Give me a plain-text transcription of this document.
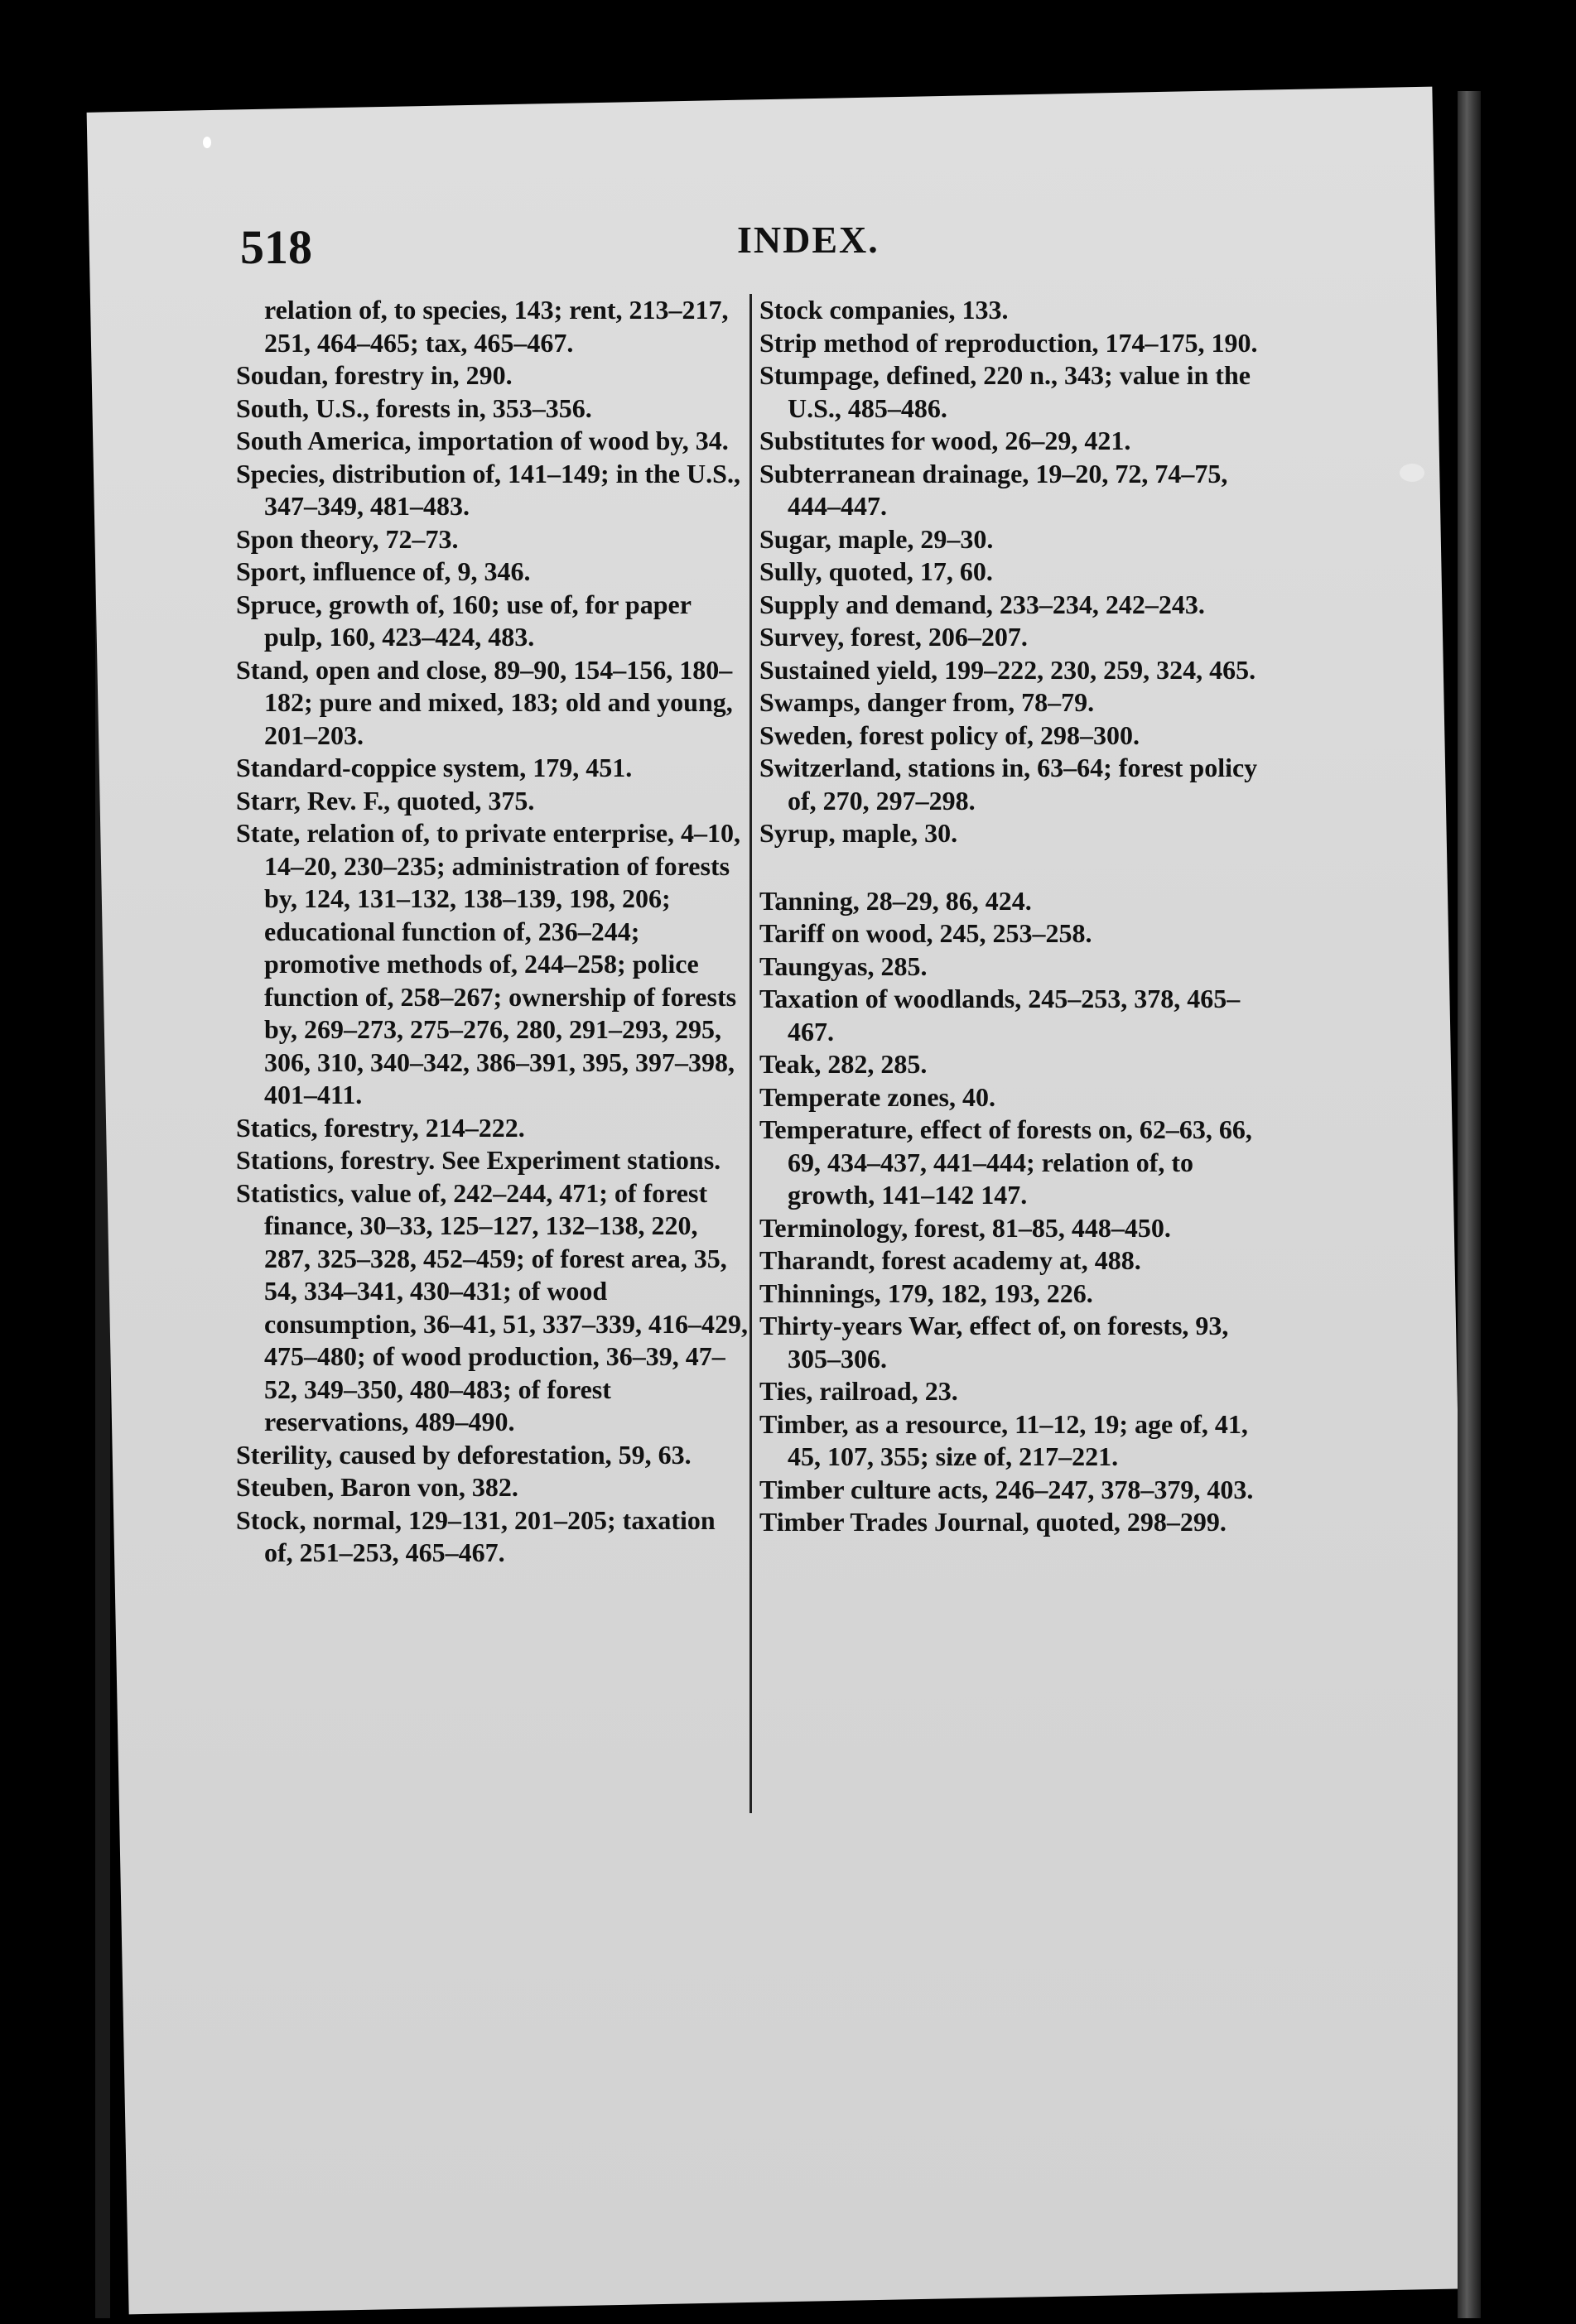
518	INDEX.
relation of, to species, 143; rent, 213–217, 251, 464–465; tax, 465–467.
Soudan, forestry in, 290.
South, U.S., forests in, 353–356.
South America, importation of wood by, 34.
Species, distribution of, 141–149; in the U.S., 347–349, 481–483.
Spon theory, 72–73.
Sport, influence of, 9, 346.
Spruce, growth of, 160; use of, for paper pulp, 160, 423–424, 483.
Stand, open and close, 89–90, 154–156, 180–182; pure and mixed, 183; old and young, 201–203.
Standard-coppice system, 179, 451.
Starr, Rev. F., quoted, 375.
State, relation of, to private enterprise, 4–10, 14–20, 230–235; administration of forests by, 124, 131–132, 138–139, 198, 206; educational function of, 236–244; promotive methods of, 244–258; police function of, 258–267; ownership of forests by, 269–273, 275–276, 280, 291–293, 295, 306, 310, 340–342, 386–391, 395, 397–398, 401–411.
Statics, forestry, 214–222.
Stations, forestry. See Experiment stations.
Statistics, value of, 242–244, 471; of forest finance, 30–33, 125–127, 132–138, 220, 287, 325–328, 452–459; of forest area, 35, 54, 334–341, 430–431; of wood consumption, 36–41, 51, 337–339, 416–429, 475–480; of wood production, 36–39, 47–52, 349–350, 480–483; of forest reservations, 489–490.
Sterility, caused by deforestation, 59, 63.
Steuben, Baron von, 382.
Stock, normal, 129–131, 201–205; taxation of, 251–253, 465–467.
Stock companies, 133.
Strip method of reproduction, 174–175, 190.
Stumpage, defined, 220 n., 343; value in the U.S., 485–486.
Substitutes for wood, 26–29, 421.
Subterranean drainage, 19–20, 72, 74–75, 444–447.
Sugar, maple, 29–30.
Sully, quoted, 17, 60.
Supply and demand, 233–234, 242–243.
Survey, forest, 206–207.
Sustained yield, 199–222, 230, 259, 324, 465.
Swamps, danger from, 78–79.
Sweden, forest policy of, 298–300.
Switzerland, stations in, 63–64; forest policy of, 270, 297–298.
Syrup, maple, 30.
Tanning, 28–29, 86, 424.
Tariff on wood, 245, 253–258.
Taungyas, 285.
Taxation of woodlands, 245–253, 378, 465–467.
Teak, 282, 285.
Temperate zones, 40.
Temperature, effect of forests on, 62–63, 66, 69, 434–437, 441–444; relation of, to growth, 141–142 147.
Terminology, forest, 81–85, 448–450.
Tharandt, forest academy at, 488.
Thinnings, 179, 182, 193, 226.
Thirty-years War, effect of, on forests, 93, 305–306.
Ties, railroad, 23.
Timber, as a resource, 11–12, 19; age of, 41, 45, 107, 355; size of, 217–221.
Timber culture acts, 246–247, 378–379, 403.
Timber Trades Journal, quoted, 298–299.
